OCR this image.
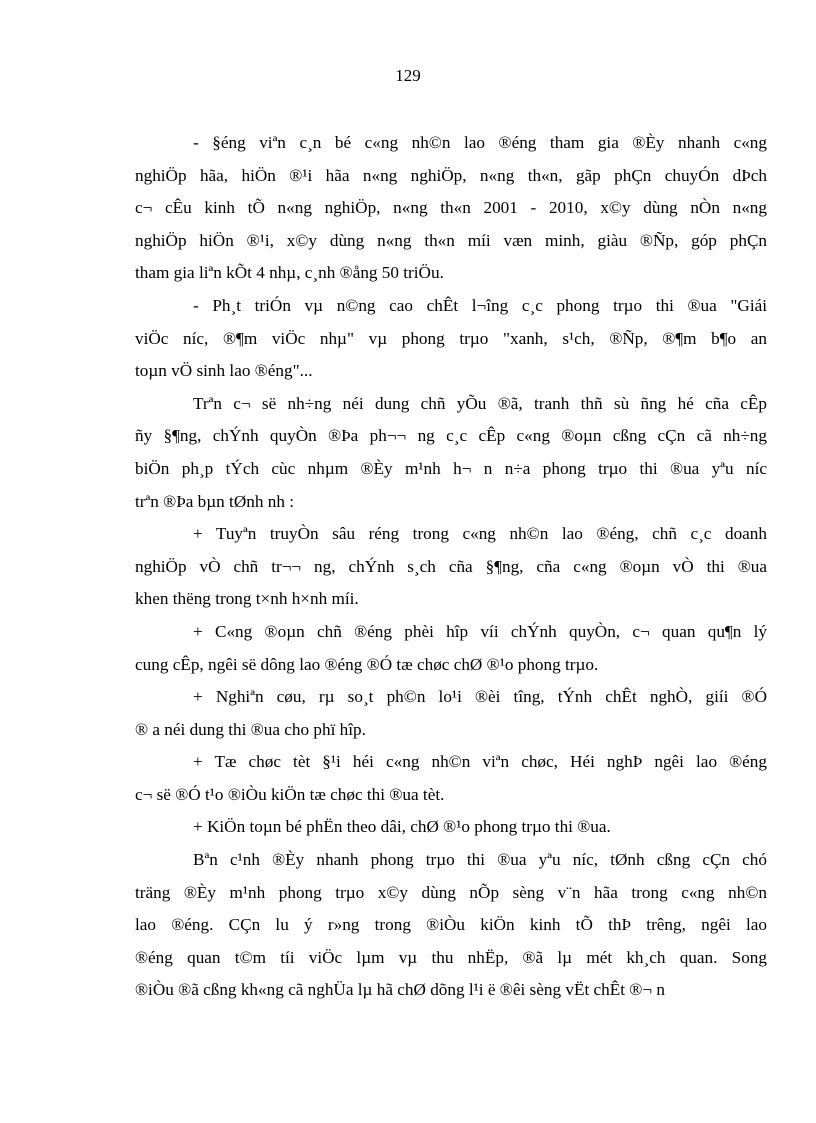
129
- §éng viªn c¸n bé c«ng nh©n lao ®éng tham gia ®Èy nhanh c«ng
nghiÖp hãa, hiÖn ®¹i hãa n«ng nghiÖp, n«ng th«n, gãp phÇn chuyÓn dÞch
c¬ cÊu kinh tÕ n«ng nghiÖp, n«ng th«n 2001 - 2010, x©y dùng nÒn n«ng
nghiÖp hiÖn ®¹i, x©y dùng n«ng th«n míi væn minh, giàu ®Ñp, góp phÇn
tham gia liªn kÕt 4 nhµ, c¸nh ®ång 50 triÖu.
- Ph¸t triÓn vµ n©ng cao chÊt l¬îng c¸c phong trµo thi ®ua "Giái
viÖc níc, ®¶m viÖc nhµ" vµ phong trµo "xanh, s¹ch, ®Ñp, ®¶m b¶o an
toµn vÖ sinh lao ®éng"...
Trªn c¬ së nh÷ng néi dung chñ yÕu ®ã, tranh thñ sù ñng hé cña cÊp
ñy §¶ng, chÝnh quyÒn ®Þa ph¬¬ ng c¸c cÊp c«ng ®oµn cßng cÇn cã nh÷ng
biÖn ph¸p tÝch cùc nhµm ®Èy m¹nh h¬ n n÷a phong trµo thi ®ua yªu níc
trªn ®Þa bµn tØnh nh :
+ Tuyªn truyÒn sâu réng trong c«ng nh©n lao ®éng, chñ c¸c doanh
nghiÖp vÒ chñ tr¬¬ ng, chÝnh s¸ch cña §¶ng, cña c«ng ®oµn vÒ thi ®ua
khen thëng trong t×nh h×nh míi.
+ C«ng ®oµn chñ ®éng phèi hîp víi chÝnh quyÒn, c¬ quan qu¶n lý
cung cÊp, ngêi së dông lao ®éng ®Ó tæ chøc chØ ®¹o phong trµo.
+ Nghiªn cøu, rµ so¸t ph©n lo¹i ®èi tîng, tÝnh chÊt nghÒ, giíi ®Ó
® a néi dung thi ®ua cho phï hîp.
+ Tæ chøc tèt §¹i héi c«ng nh©n viªn chøc, Héi nghÞ ngêi lao ®éng
c¬ së ®Ó t¹o ®iÒu kiÖn tæ chøc thi ®ua tèt.
+ KiÖn toµn bé phËn theo dâi, chØ ®¹o phong trµo thi ®ua.
Bªn c¹nh ®Èy nhanh phong trµo thi ®ua yªu níc, tØnh cßng cÇn chó
träng ®Èy m¹nh phong trµo x©y dùng nÕp sèng v¨n hãa trong c«ng nh©n
lao ®éng. CÇn lu ý r»ng trong ®iÒu kiÖn kinh tÕ thÞ trêng, ngêi lao
®éng quan t©m tíi viÖc lµm vµ thu nhËp, ®ã lµ mét kh¸ch quan. Song
®iÒu ®ã cßng kh«ng cã nghÜa lµ hã chØ dõng l¹i ë ®êi sèng vËt chÊt ®¬ n
